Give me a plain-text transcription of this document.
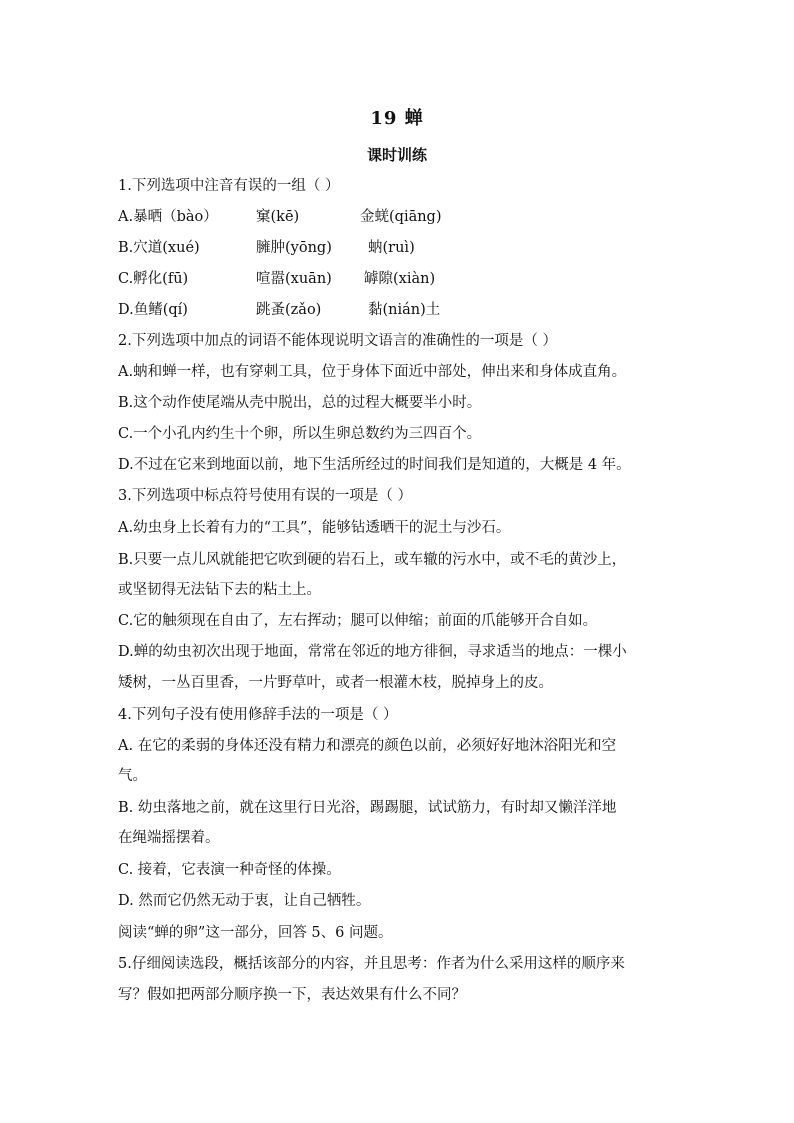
19 蝉
课时训练
1.下列选项中注音有误的一组（ ）
A.暴晒（bào）	窠(kē)	金蜣(qiāng)
B.穴道(xué)	臃肿(yōng) 蚋(ruì)
C.孵化(fū)	喧嚣(xuān) 罅隙(xiàn)
D.鱼鳍(qí)	跳蚤(zǎo)	黏(nián)土
2.下列选项中加点的词语不能体现说明文语言的准确性的一项是（ ）
A.蚋和蝉一样，也有穿刺工具，位于身体下面近中部处，伸出来和身体成直角。
B.这个动作使尾端从壳中脱出，总的过程大概要半小时。
C.一个小孔内约生十个卵，所以生卵总数约为三四百个。
D.不过在它来到地面以前，地下生活所经过的时间我们是知道的，大概是 4 年。
3.下列选项中标点符号使用有误的一项是（ ）
A.幼虫身上长着有力的“工具”，能够钻透晒干的泥土与沙石。
B.只要一点儿风就能把它吹到硬的岩石上，或车辙的污水中，或不毛的黄沙上，
或坚韧得无法钻下去的粘土上。
C.它的触须现在自由了，左右挥动；腿可以伸缩；前面的爪能够开合自如。
D.蝉的幼虫初次出现于地面，常常在邻近的地方徘徊，寻求适当的地点：一棵小
矮树，一丛百里香，一片野草叶，或者一根灌木枝，脱掉身上的皮。
4.下列句子没有使用修辞手法的一项是（ ）
A. 在它的柔弱的身体还没有精力和漂亮的颜色以前，必须好好地沐浴阳光和空
气。
B. 幼虫落地之前，就在这里行日光浴，踢踢腿，试试筋力，有时却又懒洋洋地
在绳端摇摆着。
C. 接着，它表演一种奇怪的体操。
D. 然而它仍然无动于衷，让自己牺牲。
阅读“蝉的卵”这一部分，回答 5、6 问题。
5.仔细阅读选段，概括该部分的内容，并且思考：作者为什么采用这样的顺序来
写？假如把两部分顺序换一下，表达效果有什么不同？
